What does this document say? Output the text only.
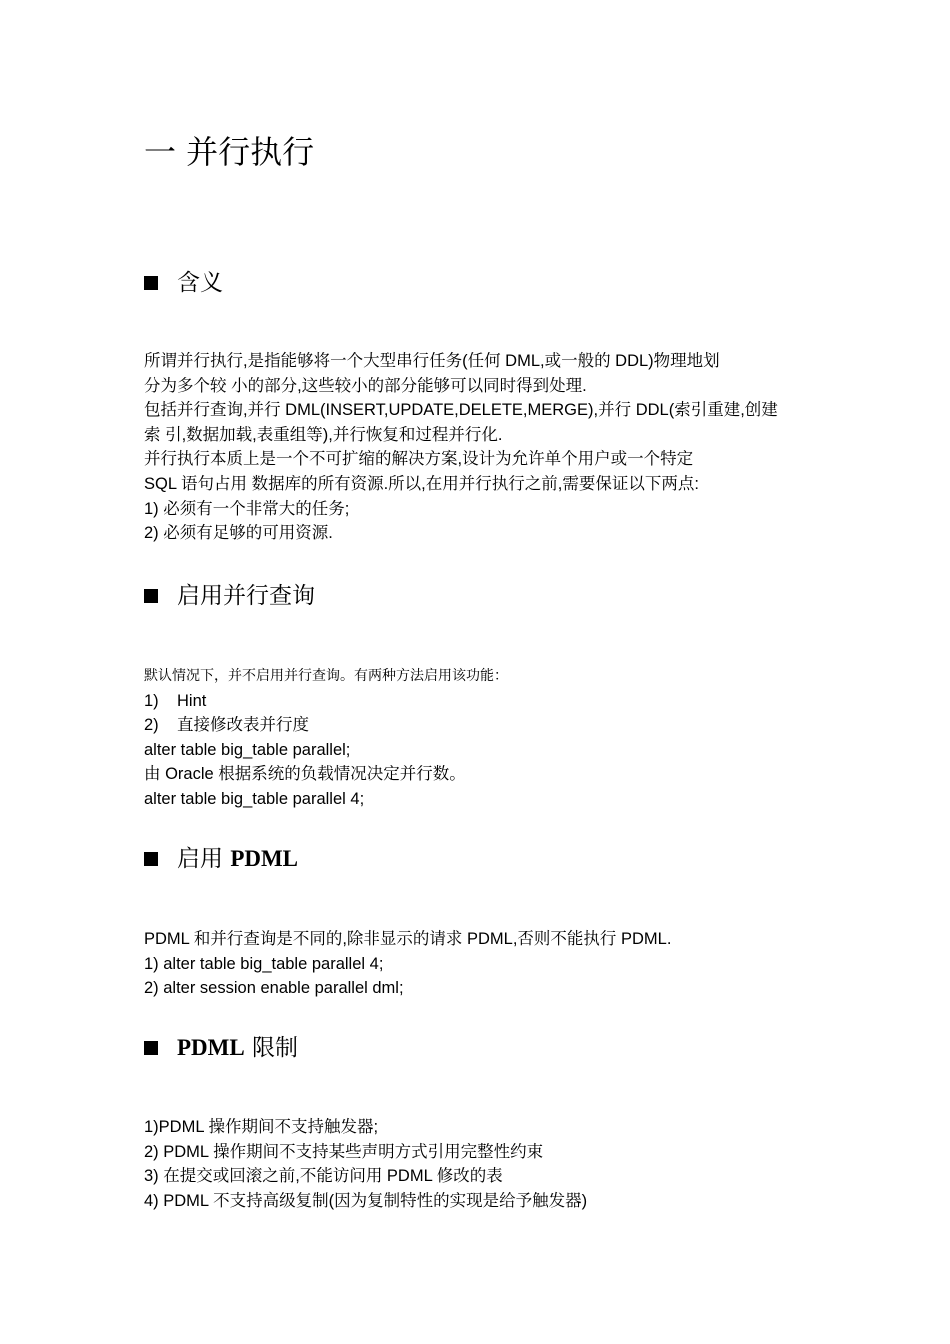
一 并行执行
含义
所谓并行执行,是指能够将一个大型串行任务(任何 DML,或一般的 DDL)物理地划
分为多个较 小的部分,这些较小的部分能够可以同时得到处理.
包括并行查询,并行 DML(INSERT,UPDATE,DELETE,MERGE),并行 DDL(索引重建,创建
索 引,数据加载,表重组等),并行恢复和过程并行化.
并行执行本质上是一个不可扩缩的解决方案,设计为允许单个用户或一个特定
SQL 语句占用 数据库的所有资源.所以,在用并行执行之前,需要保证以下两点:
1) 必须有一个非常大的任务;
2) 必须有足够的可用资源.
启用并行查询
默认情况下，并不启用并行查询。有两种方法启用该功能：
1)    Hint
2)    直接修改表并行度
alter table big_table parallel;
由 Oracle 根据系统的负载情况决定并行数。
alter table big_table parallel 4;
启用 PDML
PDML 和并行查询是不同的,除非显示的请求 PDML,否则不能执行 PDML.
1) alter table big_table parallel 4;
2) alter session enable parallel dml;
PDML 限制
1)PDML 操作期间不支持触发器;
2) PDML 操作期间不支持某些声明方式引用完整性约束
3) 在提交或回滚之前,不能访问用 PDML 修改的表
4) PDML 不支持高级复制(因为复制特性的实现是给予触发器)
